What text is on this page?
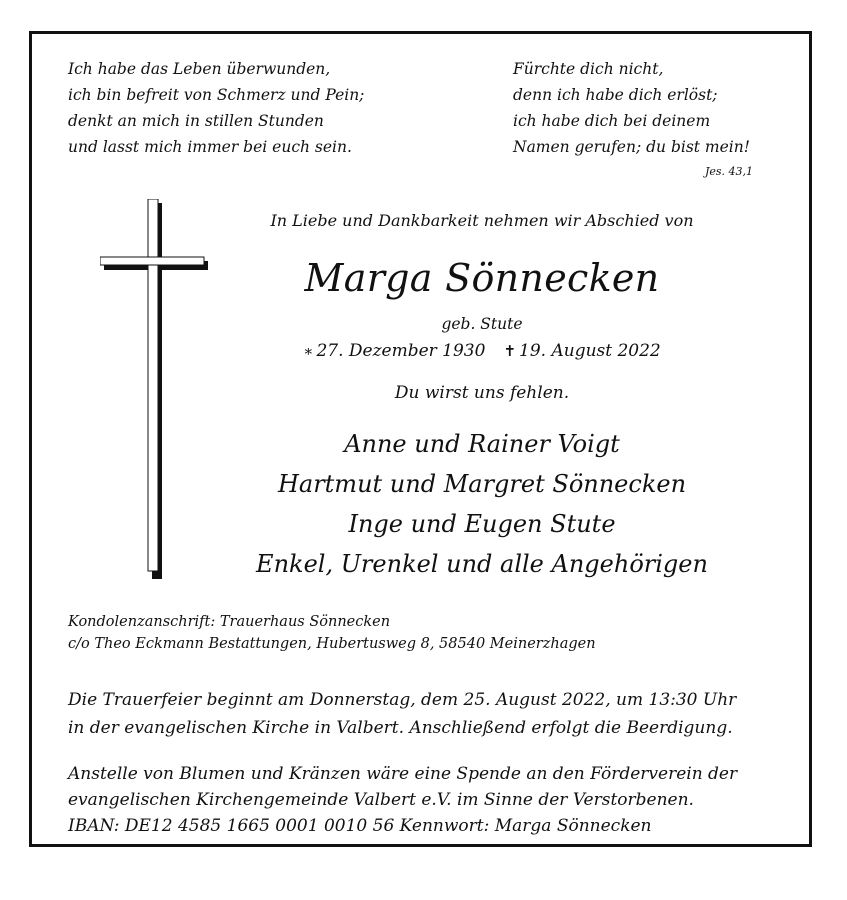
Ich habe das Leben überwunden,
ich bin befreit von Schmerz und Pein;
denkt an mich in stillen Stunden
und lasst mich immer bei euch sein.
Fürchte dich nicht,
denn ich habe dich erlöst;
ich habe dich bei deinem
Namen gerufen; du bist mein!
Jes. 43,1
In Liebe und Dankbarkeit nehmen wir Abschied von
Marga Sönnecken
geb. Stute
∗ 27. Dezember 1930 ✝ 19. August 2022
Du wirst uns fehlen.
Anne und Rainer Voigt
Hartmut und Margret Sönnecken
Inge und Eugen Stute
Enkel, Urenkel und alle Angehörigen
Kondolenzanschrift: Trauerhaus Sönnecken
c/o Theo Eckmann Bestattungen, Hubertusweg 8, 58540 Meinerzhagen
Die Trauerfeier beginnt am Donnerstag, dem 25. August 2022, um 13:30 Uhr
in der evangelischen Kirche in Valbert. Anschließend erfolgt die Beerdigung.
Anstelle von Blumen und Kränzen wäre eine Spende an den Förderverein der
evangelischen Kirchengemeinde Valbert e.V. im Sinne der Verstorbenen.
IBAN: DE12 4585 1665 0001 0010 56 Kennwort: Marga Sönnecken
